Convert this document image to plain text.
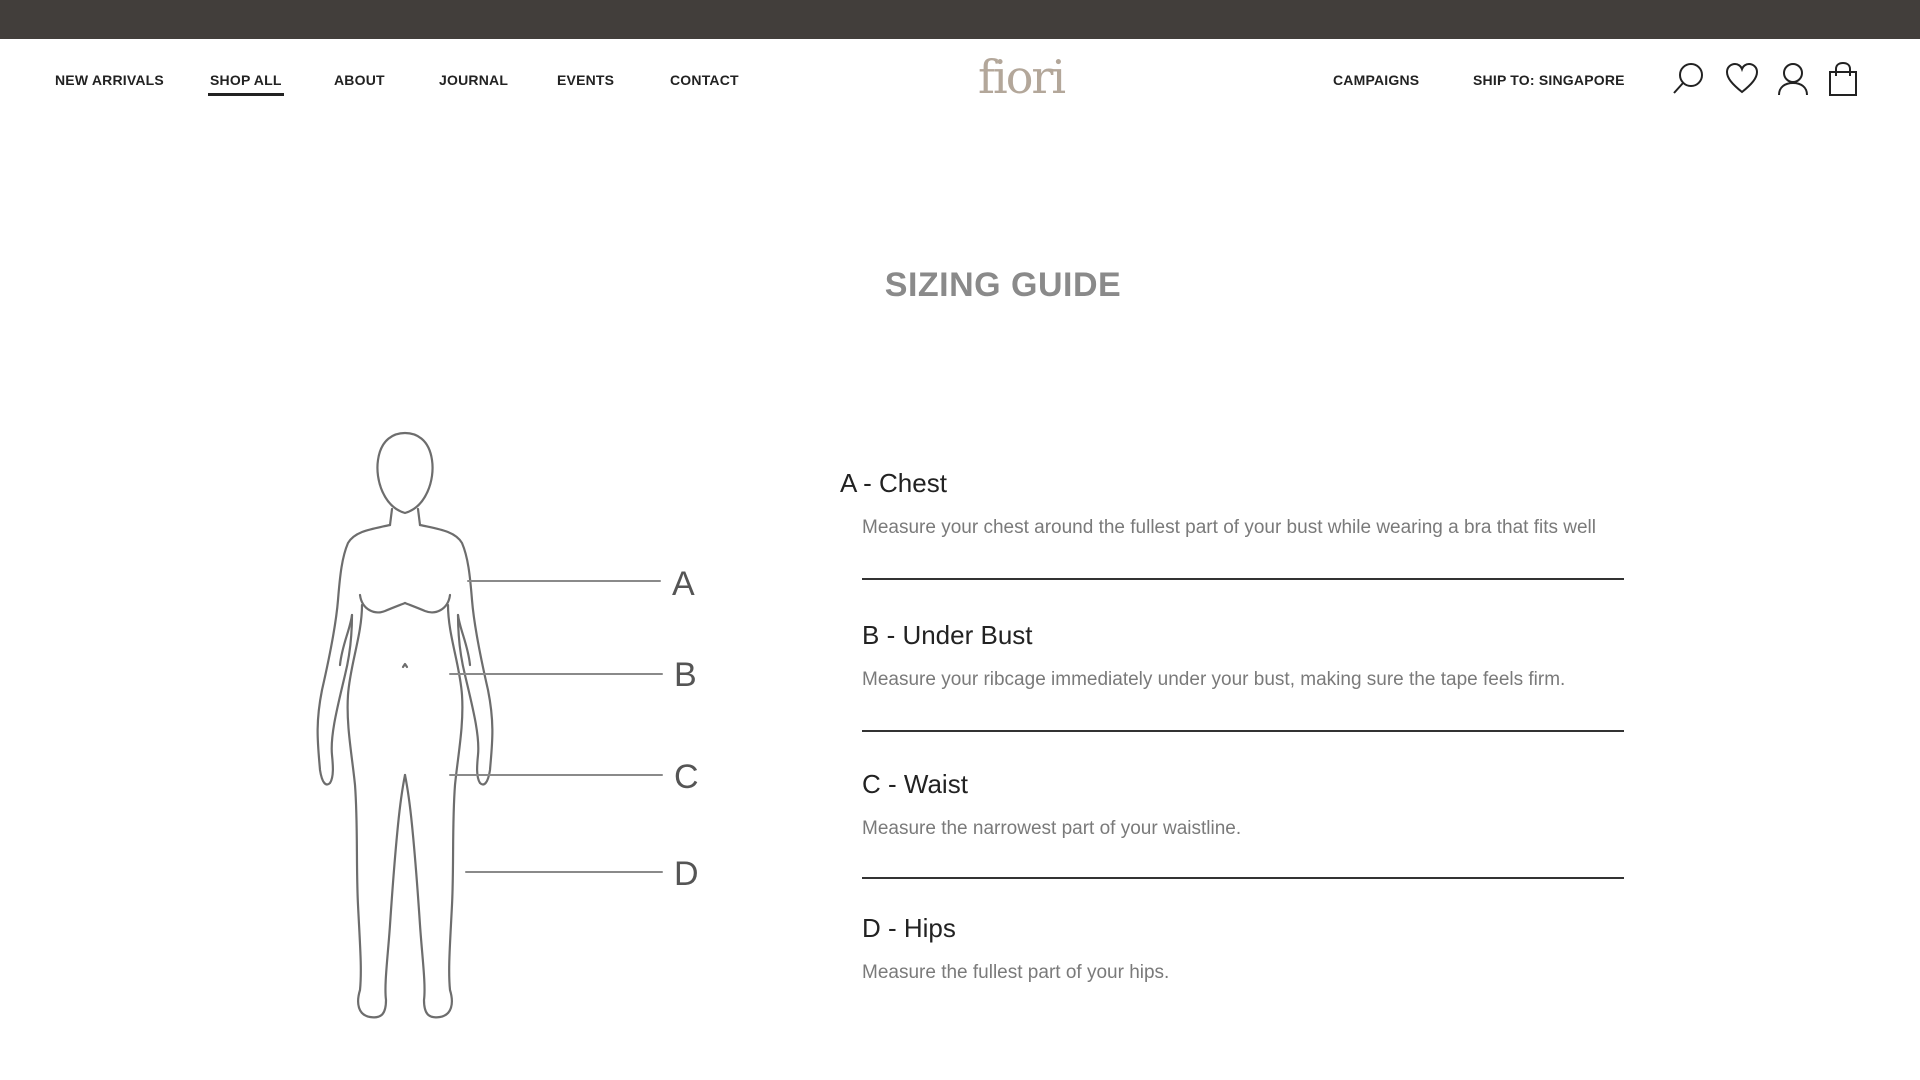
NEW ARRIVALS	SHOP ALL	ABOUT	JOURNAL	EVENTS	CONTACT	fiori	CAMPAIGNS	SHIP TO: SINGAPORE
SIZING GUIDE
A
B
C
D
A - Chest
Measure your chest around the fullest part of your bust while wearing a bra that fits well
B - Under Bust
Measure your ribcage immediately under your bust, making sure the tape feels firm.
C - Waist
Measure the narrowest part of your waistline.
D - Hips
Measure the fullest part of your hips.
